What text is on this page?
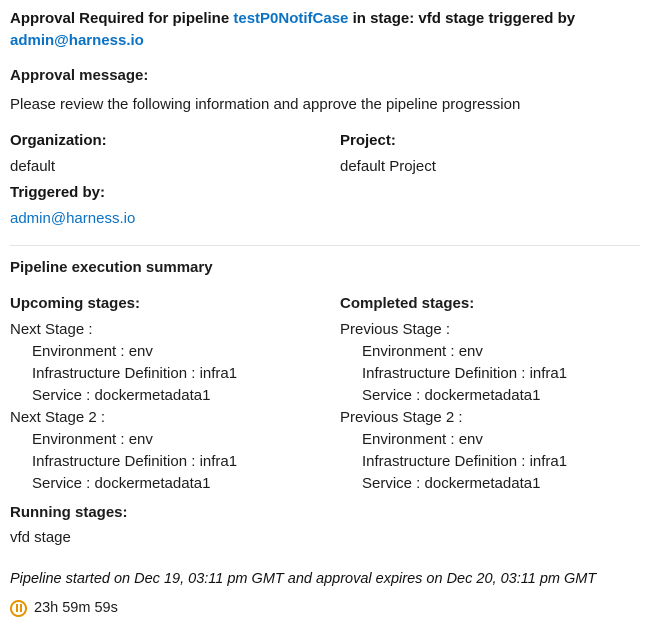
Approval Required for pipeline testP0NotifCase in stage: vfd stage triggered by admin@harness.io
Approval message:
Please review the following information and approve the pipeline progression
Organization:
default
Project:
default Project
Triggered by:
admin@harness.io
Pipeline execution summary
Upcoming stages:
Next Stage :
Environment : env
Infrastructure Definition : infra1
Service : dockermetadata1
Next Stage 2 :
Environment : env
Infrastructure Definition : infra1
Service : dockermetadata1
Completed stages:
Previous Stage :
Environment : env
Infrastructure Definition : infra1
Service : dockermetadata1
Previous Stage 2 :
Environment : env
Infrastructure Definition : infra1
Service : dockermetadata1
Running stages:
vfd stage
Pipeline started on Dec 19, 03:11 pm GMT and approval expires on Dec 20, 03:11 pm GMT
23h 59m 59s
